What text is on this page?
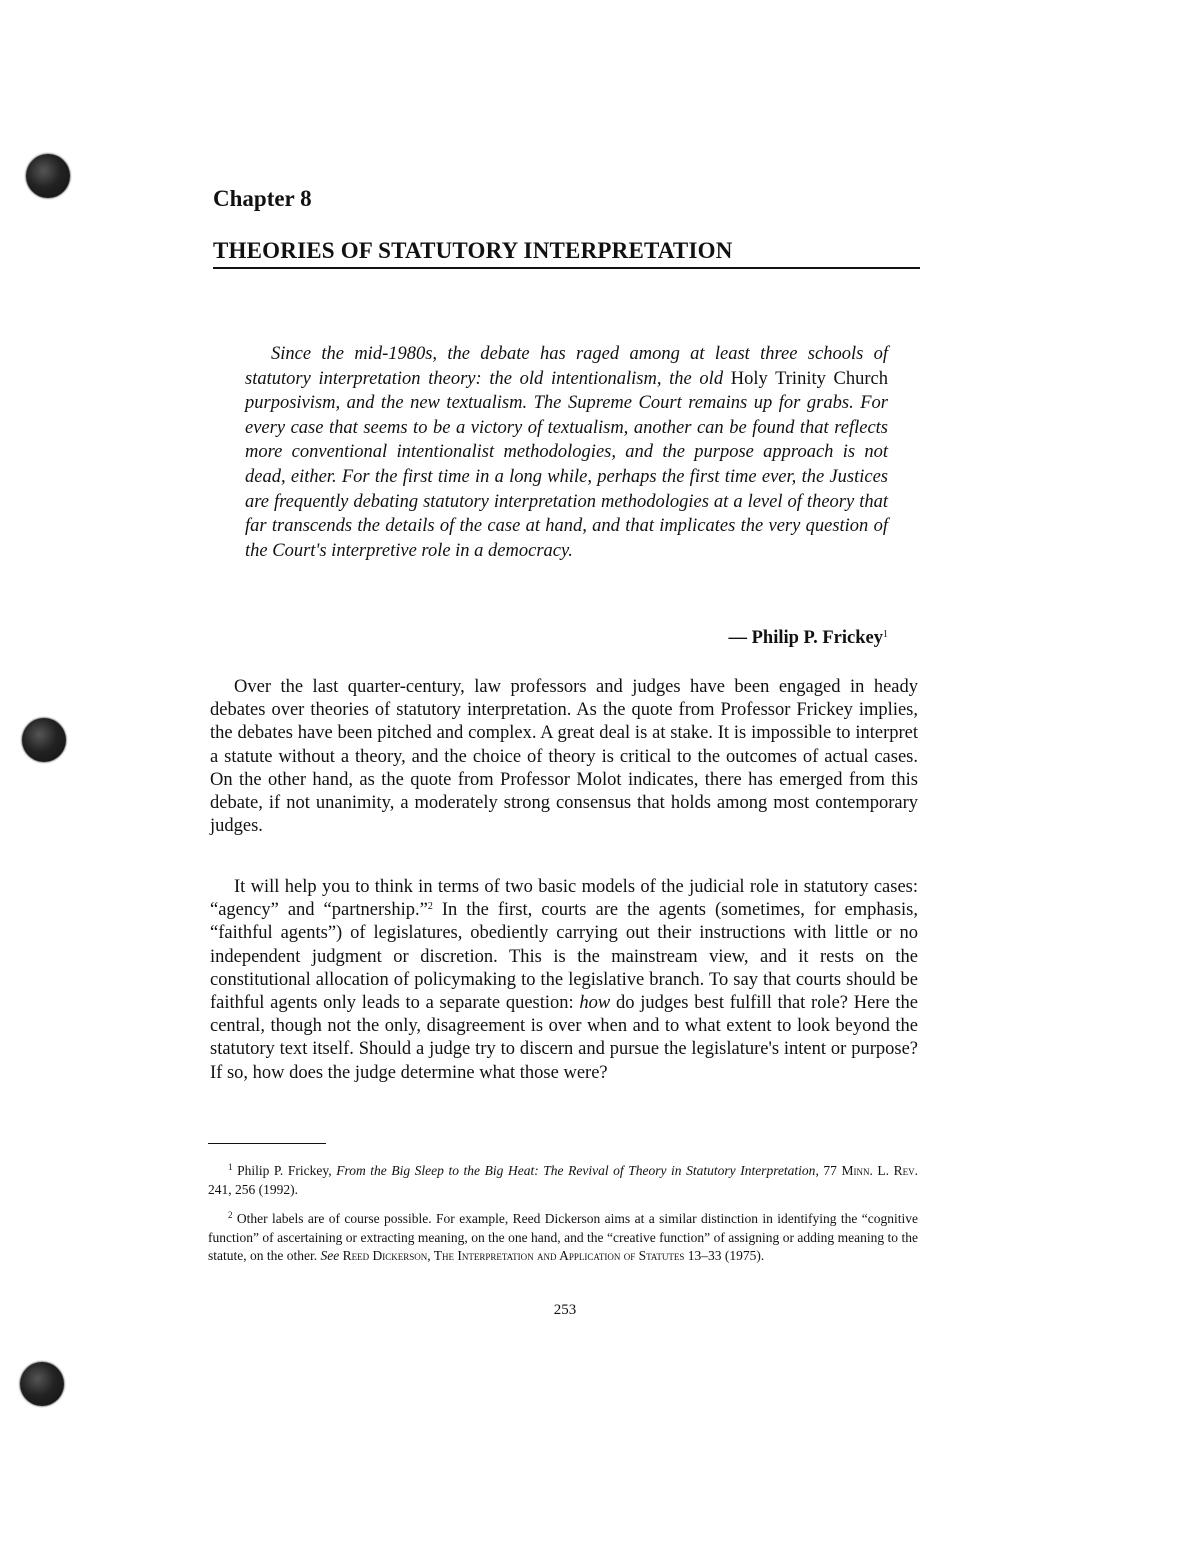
Chapter 8
THEORIES OF STATUTORY INTERPRETATION
Since the mid-1980s, the debate has raged among at least three schools of statutory interpretation theory: the old intentionalism, the old Holy Trinity Church purposivism, and the new textualism. The Supreme Court remains up for grabs. For every case that seems to be a victory of textualism, another can be found that reflects more conventional intentionalist methodologies, and the purpose approach is not dead, either. For the first time in a long while, perhaps the first time ever, the Justices are frequently debating statutory interpretation methodologies at a level of theory that far transcends the details of the case at hand, and that implicates the very question of the Court's interpretive role in a democracy.
— Philip P. Frickey$^1$
Over the last quarter-century, law professors and judges have been engaged in heady debates over theories of statutory interpretation. As the quote from Professor Frickey implies, the debates have been pitched and complex. A great deal is at stake. It is impossible to interpret a statute without a theory, and the choice of theory is critical to the outcomes of actual cases. On the other hand, as the quote from Professor Molot indicates, there has emerged from this debate, if not unanimity, a moderately strong consensus that holds among most contemporary judges.
It will help you to think in terms of two basic models of the judicial role in statutory cases: “agency” and “partnership.”$^2$ In the first, courts are the agents (sometimes, for emphasis, “faithful agents”) of legislatures, obediently carrying out their instructions with little or no independent judgment or discretion. This is the mainstream view, and it rests on the constitutional allocation of policymaking to the legislative branch. To say that courts should be faithful agents only leads to a separate question: how do judges best fulfill that role? Here the central, though not the only, disagreement is over when and to what extent to look beyond the statutory text itself. Should a judge try to discern and pursue the legislature's intent or purpose? If so, how does the judge determine what those were?
$^1$ Philip P. Frickey, From the Big Sleep to the Big Heat: The Revival of Theory in Statutory Interpretation, 77 Minn. L. Rev. 241, 256 (1992).
$^2$ Other labels are of course possible. For example, Reed Dickerson aims at a similar distinction in identifying the “cognitive function” of ascertaining or extracting meaning, on the one hand, and the “creative function” of assigning or adding meaning to the statute, on the other. See Reed Dickerson, The Interpretation and Application of Statutes 13–33 (1975).
253
